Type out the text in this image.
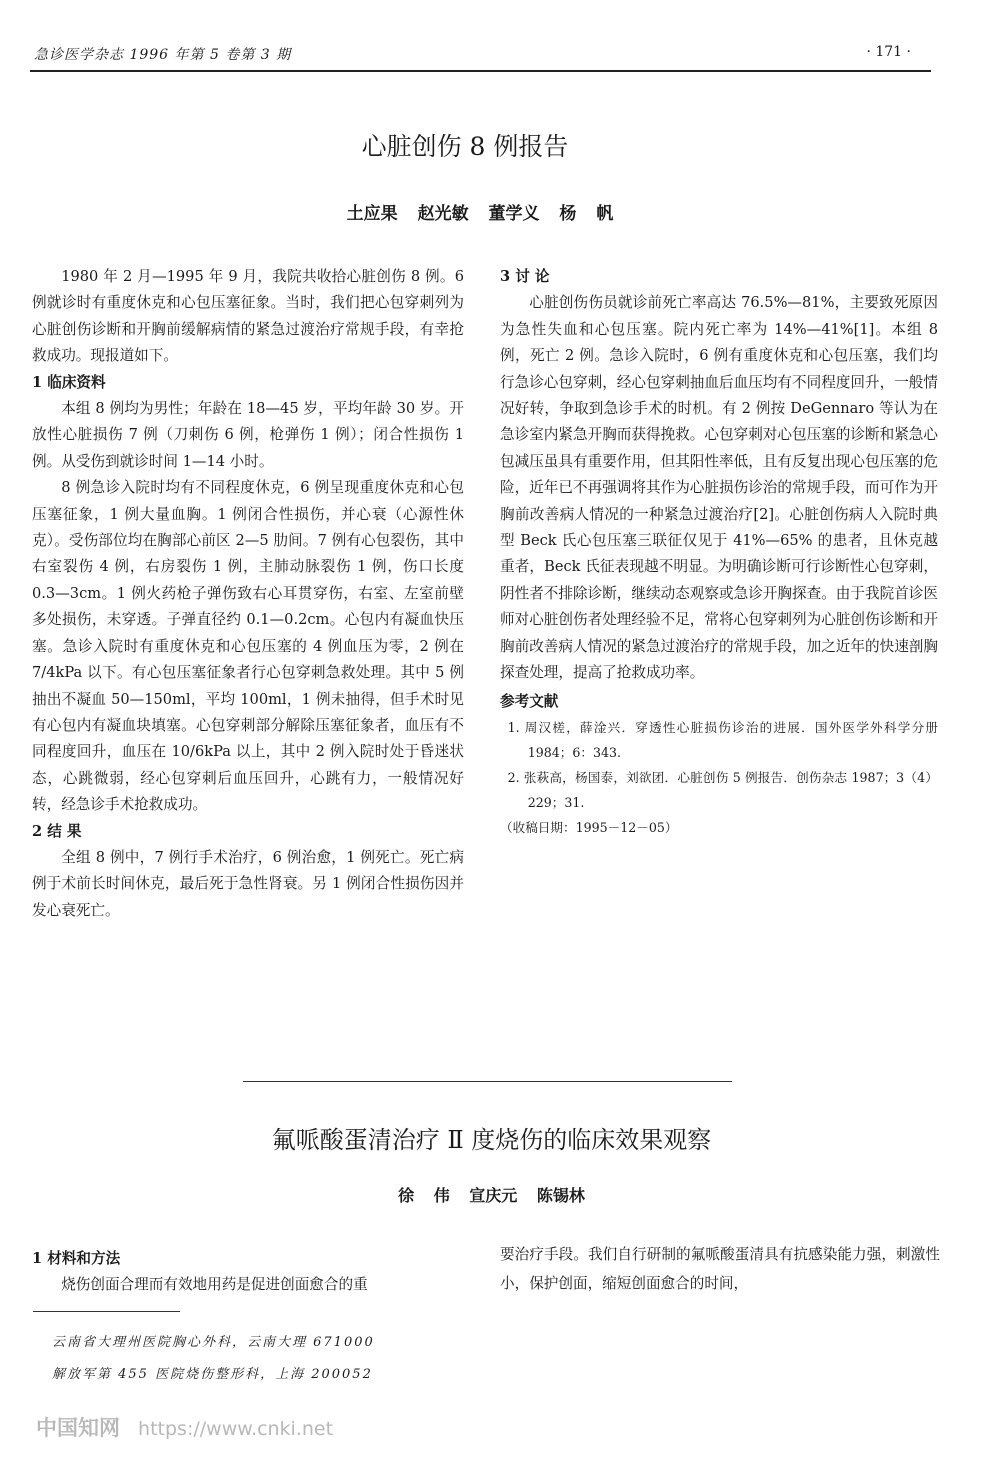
急诊医学杂志 1996 年第 5 卷第 3 期	· 171 ·
心脏创伤 8 例报告
土应果 赵光敏 董学义 杨 帆

1980 年 2 月—1995 年 9 月，我院共收拾心脏创伤 8 例。6 例就诊时有重度休克和心包压塞征象。当时，我们把心包穿刺列为心脏创伤诊断和开胸前缓解病情的紧急过渡治疗常规手段，有幸抢救成功。现报道如下。

1 临床资料

本组 8 例均为男性；年龄在 18—45 岁，平均年龄 30 岁。开放性心脏损伤 7 例（刀刺伤 6 例，枪弹伤 1 例）；闭合性损伤 1 例。从受伤到就诊时间 1—14 小时。

8 例急诊入院时均有不同程度休克，6 例呈现重度休克和心包压塞征象，1 例大量血胸。1 例闭合性损伤，并心衰（心源性休克）。受伤部位均在胸部心前区 2—5 肋间。7 例有心包裂伤，其中右室裂伤 4 例，右房裂伤 1 例，主肺动脉裂伤 1 例，伤口长度 0.3—3cm。1 例火药枪子弹伤致右心耳贯穿伤，右室、左室前壁多处损伤，未穿透。子弹直径约 0.1—0.2cm。心包内有凝血快压塞。急诊入院时有重度休克和心包压塞的 4 例血压为零，2 例在 7/4kPa 以下。有心包压塞征象者行心包穿刺急救处理。其中 5 例抽出不凝血 50—150ml，平均 100ml，1 例未抽得，但手术时见有心包内有凝血块填塞。心包穿刺部分解除压塞征象者，血压有不同程度回升，血压在 10/6kPa 以上，其中 2 例入院时处于昏迷状态，心跳微弱，经心包穿刺后血压回升，心跳有力，一般情况好转，经急诊手术抢救成功。

2 结 果

全组 8 例中，7 例行手术治疗，6 例治愈，1 例死亡。死亡病例于术前长时间休克，最后死于急性肾衰。另 1 例闭合性损伤因并发心衰死亡。

3 讨 论

心脏创伤伤员就诊前死亡率高达 76.5%—81%，主要致死原因为急性失血和心包压塞。院内死亡率为 14%—41%[1]。本组 8 例，死亡 2 例。急诊入院时，6 例有重度休克和心包压塞，我们均行急诊心包穿刺，经心包穿刺抽血后血压均有不同程度回升，一般情况好转，争取到急诊手术的时机。有 2 例按 DeGennaro 等认为在急诊室内紧急开胸而获得挽救。心包穿刺对心包压塞的诊断和紧急心包减压虽具有重要作用，但其阳性率低，且有反复出现心包压塞的危险，近年已不再强调将其作为心脏损伤诊治的常规手段，而可作为开胸前改善病人情况的一种紧急过渡治疗[2]。心脏创伤病人入院时典型 Beck 氏心包压塞三联征仅见于 41%—65% 的患者，且休克越重者，Beck 氏征表现越不明显。为明确诊断可行诊断性心包穿刺，阴性者不排除诊断，继续动态观察或急诊开胸探查。由于我院首诊医师对心脏创伤者处理经验不足，常将心包穿刺列为心脏创伤诊断和开胸前改善病人情况的紧急过渡治疗的常规手段，加之近年的快速剖胸探查处理，提高了抢救成功率。

参考文献
1. 周汉槎，薛淦兴．穿透性心脏损伤诊治的进展．国外医学外科学分册 1984；6：343.
2. 张萩高，杨国泰，刘欲团．心脏创伤 5 例报告．创伤杂志 1987；3（4）229；31.
（收稿日期：1995－12－05）
氟哌酸蛋清治疗 Ⅱ 度烧伤的临床效果观察
徐 伟 宣庆元 陈锡林
1 材料和方法

烧伤创面合理而有效地用药是促进创面愈合的重

要治疗手段。我们自行研制的氟哌酸蛋清具有抗感染能力强，刺激性小，保护创面，缩短创面愈合的时间，
云南省大理州医院胸心外科，云南大理 671000
解放军第 455 医院烧伤整形科，上海 200052
中国知网 https://www.cnki.net
